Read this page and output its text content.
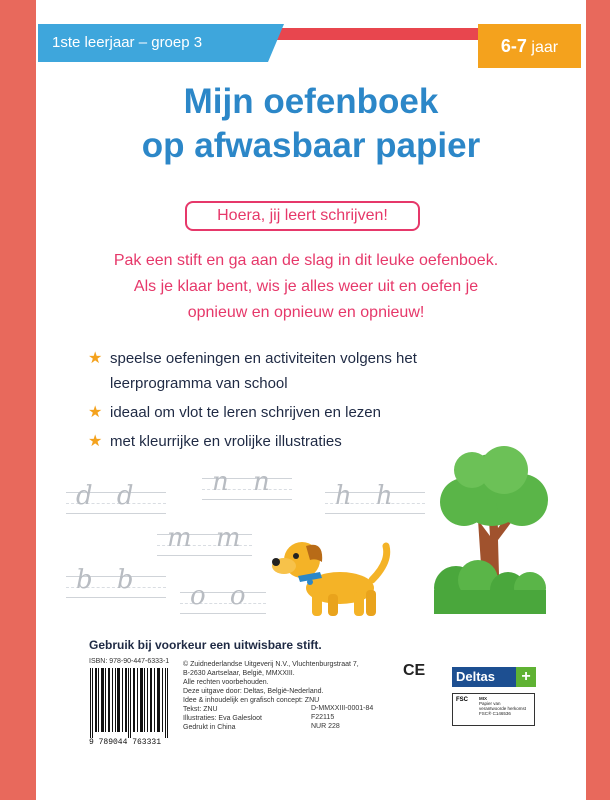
1ste leerjaar – groep 3	6-7 jaar
Mijn oefenboek
op afwasbaar papier
Hoera, jij leert schrijven!
Pak een stift en ga aan de slag in dit leuke oefenboek.
Als je klaar bent, wis je alles weer uit en oefen je
opnieuw en opnieuw en opnieuw!
★ speelse oefeningen en activiteiten volgens het
leerprogramma van school
★ ideaal om vlot te leren schrijven en lezen
★ met kleurrijke en vrolijke illustraties
d d	n n h h
m m
b b
o o
Gebruik bij voorkeur een uitwisbare stift.
ISBN: 978-90-447-6333-1
9 789044 763331
© Zuidnederlandse Uitgeverij N.V., Vluchtenburgstraat 7,
B-2630 Aartselaar, België, MMXXIII.
Alle rechten voorbehouden.
Deze uitgave door: Deltas, België-Nederland.
Idee & inhoudelijk en grafisch concept: ZNU
Tekst: ZNU
Illustraties: Eva Galesloot
Gedrukt in China
D-MMXXIII-0001-84
F22115
NUR 228
CE	Deltas	+
FSC MIX
Papier van
verantwoorde herkomst
FSC® C146536
